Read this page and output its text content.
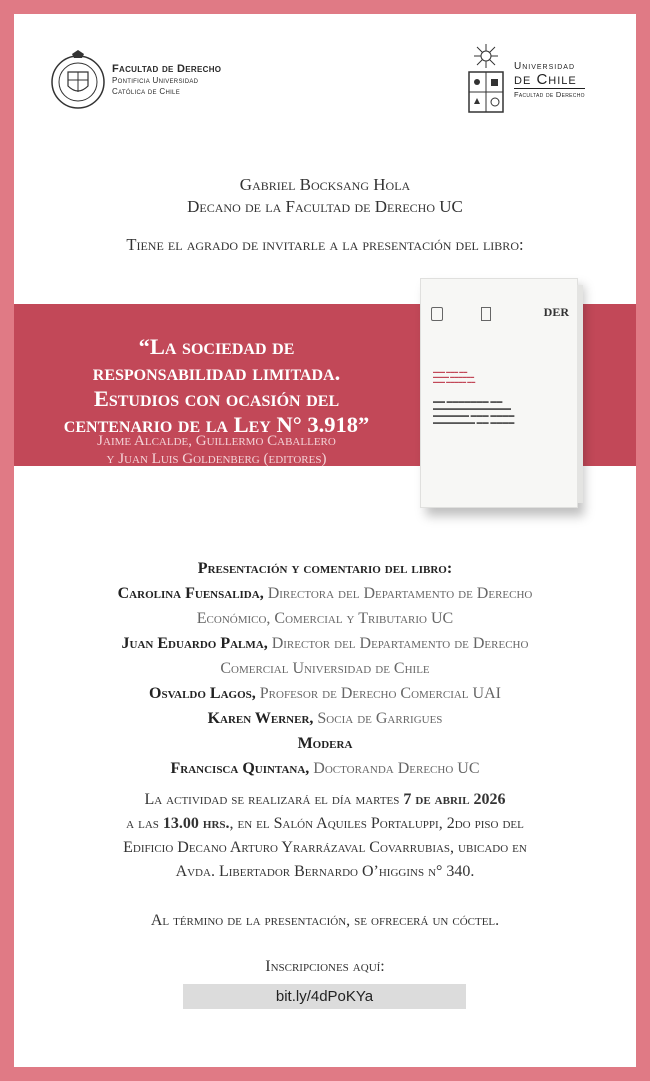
Facultad de Derecho
Pontificia Universidad
Católica de Chile
Universidad
de Chile
Facultad de Derecho
Gabriel Bocksang Hola
Decano de la Facultad de Derecho UC
Tiene el agrado de invitarle a la presentación del libro:
“La sociedad de
responsabilidad limitada.
Estudios con ocasión del
centenario de la Ley N° 3.918”
Jaime Alcalde, Guillermo Caballero
y Juan Luis Goldenberg (editores)
DER
▬▬▬ ▬▬▬ ▬▬
▬▬▬▬ ▬▬▬▬▬▬
▬▬▬ ▬▬▬▬▬ ▬▬
▬▬ ▬▬▬▬▬▬▬ ▬▬
▬▬▬▬▬▬▬▬▬▬▬▬▬
▬▬▬▬▬▬ ▬▬▬ ▬▬▬▬
▬▬▬▬▬▬▬ ▬▬ ▬▬▬▬
Presentación y comentario del libro:
Carolina Fuensalida, Directora del Departamento de Derecho
Económico, Comercial y Tributario UC
Juan Eduardo Palma, Director del Departamento de Derecho
Comercial Universidad de Chile
Osvaldo Lagos, Profesor de Derecho Comercial UAI
Karen Werner, Socia de Garrigues
Modera
Francisca Quintana, Doctoranda Derecho UC
La actividad se realizará el día martes 7 de abril 2026
a las 13.00 hrs., en el Salón Aquiles Portaluppi, 2do piso del
Edificio Decano Arturo Yrarrázaval Covarrubias, ubicado en
Avda. Libertador Bernardo O’higgins n° 340.
Al término de la presentación, se ofrecerá un cóctel.
Inscripciones aquí:
bit.ly/4dPoKYa
